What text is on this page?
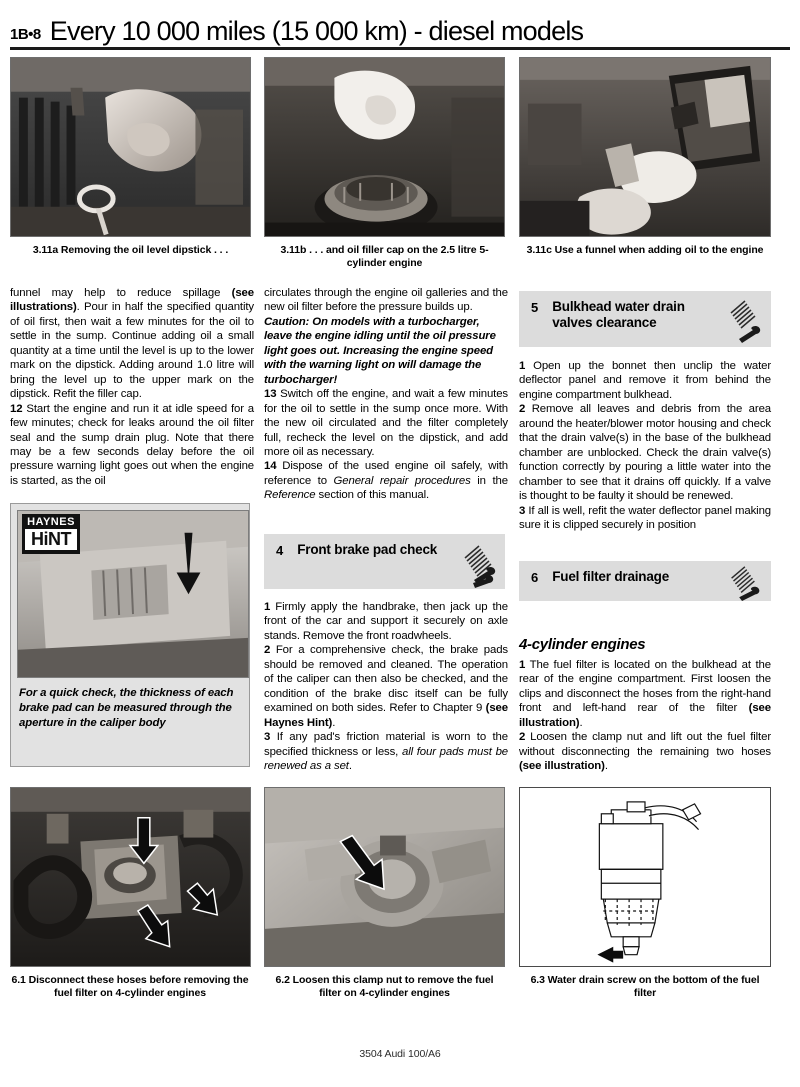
1B•8 Every 10 000 miles (15 000 km) - diesel models
3.11a Removing the oil level dipstick . . .	3.11b . . . and oil filler cap on the 2.5 litre 5-cylinder engine
3.11c Use a funnel when adding oil to the engine

funnel may help to reduce spillage (see illustrations). Pour in half the specified quantity of oil first, then wait a few minutes for the oil to settle in the sump. Continue adding oil a small quantity at a time until the level is up to the lower mark on the dipstick. Adding around 1.0 litre will bring the level up to the upper mark on the dipstick. Refit the filler cap.

12 Start the engine and run it at idle speed for a few minutes; check for leaks around the oil filter seal and the sump drain plug. Note that there may be a few seconds delay before the oil pressure warning light goes out when the engine is started, as the oil

HAYNES
HiNT
For a quick check, the thickness of each brake pad can be measured through the aperture in the caliper body

circulates through the engine oil galleries and the new oil filter before the pressure builds up.

Caution: On models with a turbocharger, leave the engine idling until the oil pressure light goes out. Increasing the engine speed with the warning light on will damage the turbocharger!

13 Switch off the engine, and wait a few minutes for the oil to settle in the sump once more. With the new oil circulated and the filter completely full, recheck the level on the dipstick, and add more oil as necessary.

14 Dispose of the used engine oil safely, with reference to General repair procedures in the Reference section of this manual.

4	Front brake pad check

1 Firmly apply the handbrake, then jack up the front of the car and support it securely on axle stands. Remove the front roadwheels.

2 For a comprehensive check, the brake pads should be removed and cleaned. The operation of the caliper can then also be checked, and the condition of the brake disc itself can be fully examined on both sides. Refer to Chapter 9 (see Haynes Hint).

3 If any pad's friction material is worn to the specified thickness or less, all four pads must be renewed as a set.

5	Bulkhead water drain valves clearance

1 Open up the bonnet then unclip the water deflector panel and remove it from behind the engine compartment bulkhead.

2 Remove all leaves and debris from the area around the heater/blower motor housing and check that the drain valve(s) in the base of the bulkhead chamber are unblocked. Check the drain valve(s) function correctly by pouring a little water into the chamber to see that it drains off quickly. If a valve is thought to be faulty it should be renewed.

3 If all is well, refit the water deflector panel making sure it is clipped securely in position

6	Fuel filter drainage
4-cylinder engines

1 The fuel filter is located on the bulkhead at the rear of the engine compartment. First loosen the clips and disconnect the hoses from the right-hand front and left-hand rear of the filter (see illustration).

2 Loosen the clamp nut and lift out the fuel filter without disconnecting the remaining two hoses (see illustration).

6.1 Disconnect these hoses before removing the fuel filter on 4-cylinder engines
6.2 Loosen this clamp nut to remove the fuel filter on 4-cylinder engines
6.3 Water drain screw on the bottom of the fuel filter
3504 Audi 100/A6
